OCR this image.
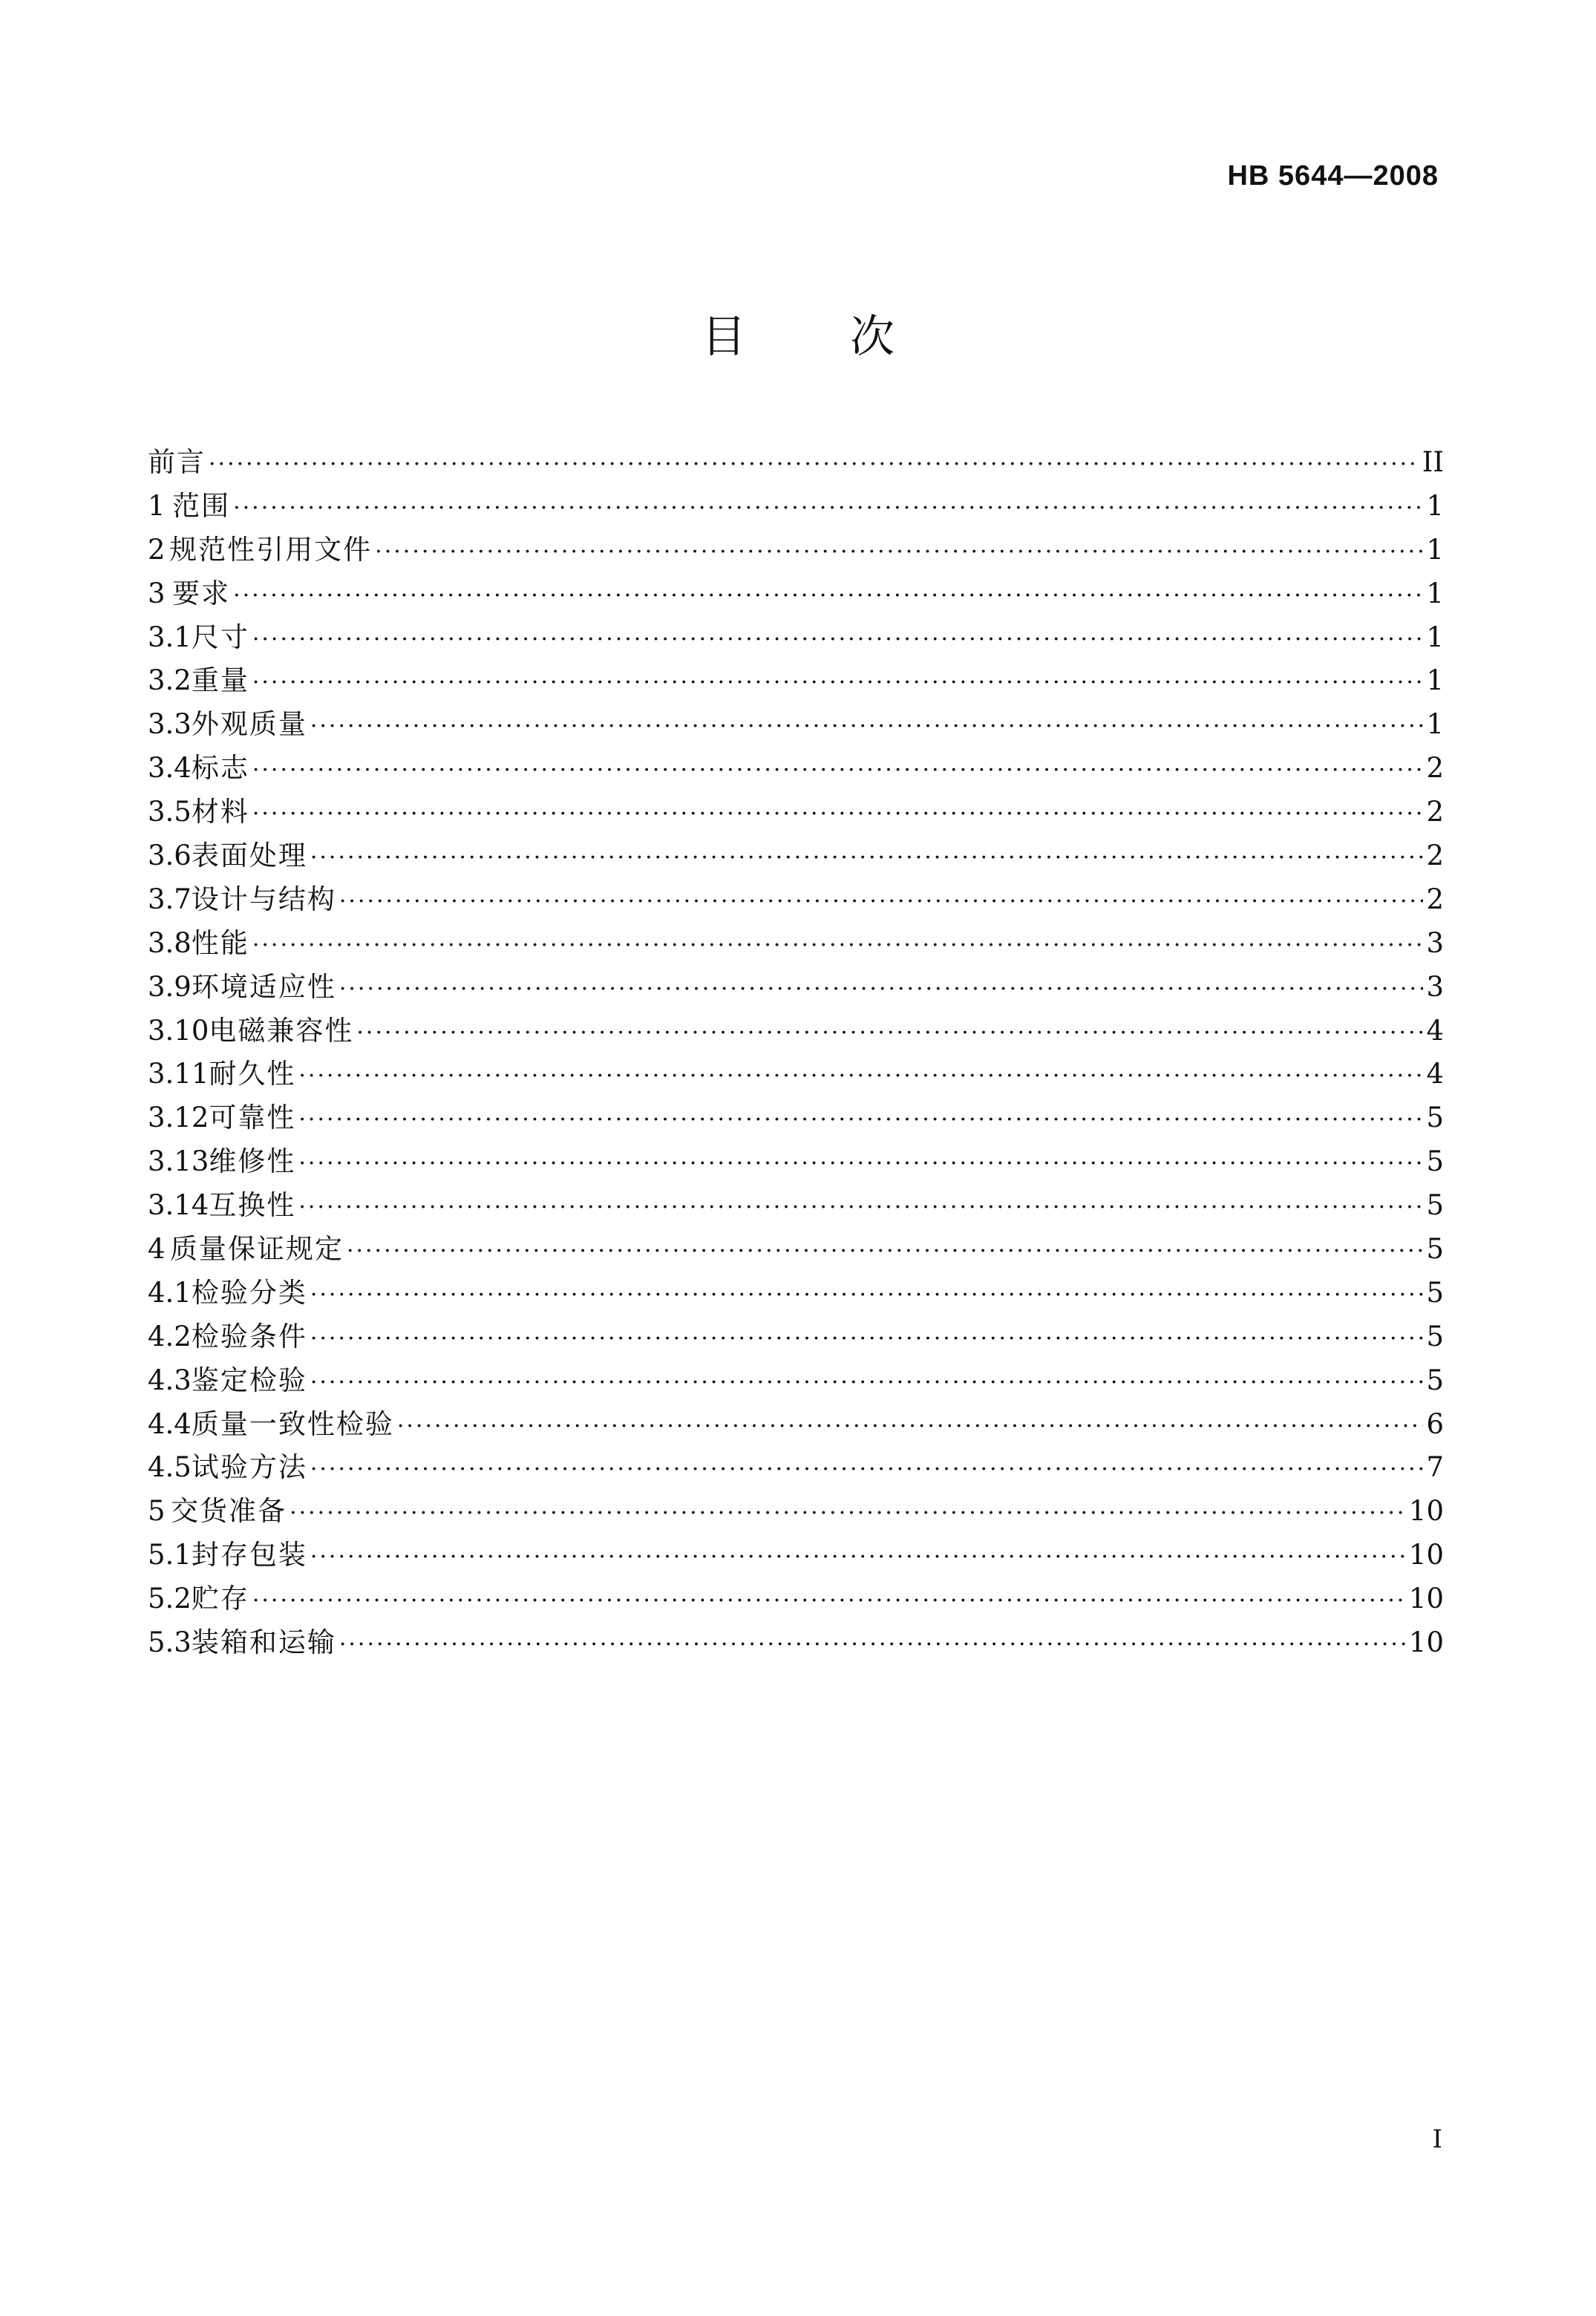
HB 5644—2008
目次
前言 ·····	II
1 范围 ·····	1
2 规范性引用文件 ·····	1
3 要求 ·····	1
3.1 尺寸 ·····	1
3.2 重量 ·····	1
3.3 外观质量 ·····	1
3.4 标志 ·····	2
3.5 材料 ·····	2
3.6 表面处理 ·····	2
3.7 设计与结构 ·····	2
3.8 性能 ·····	3
3.9 环境适应性 ·····	3
3.10 电磁兼容性 ·····	4
3.11 耐久性 ·····	4
3.12 可靠性 ·····	5
3.13 维修性 ·····	5
3.14 互换性 ·····	5
4 质量保证规定 ·····	5
4.1 检验分类 ·····	5
4.2 检验条件 ·····	5
4.3 鉴定检验 ·····	5
4.4 质量一致性检验 ·····	6
4.5 试验方法 ·····	7
5 交货准备 ·····	10
5.1 封存包装 ·····	10
5.2 贮存 ·····	10
5.3 装箱和运输 ·····	10
I
